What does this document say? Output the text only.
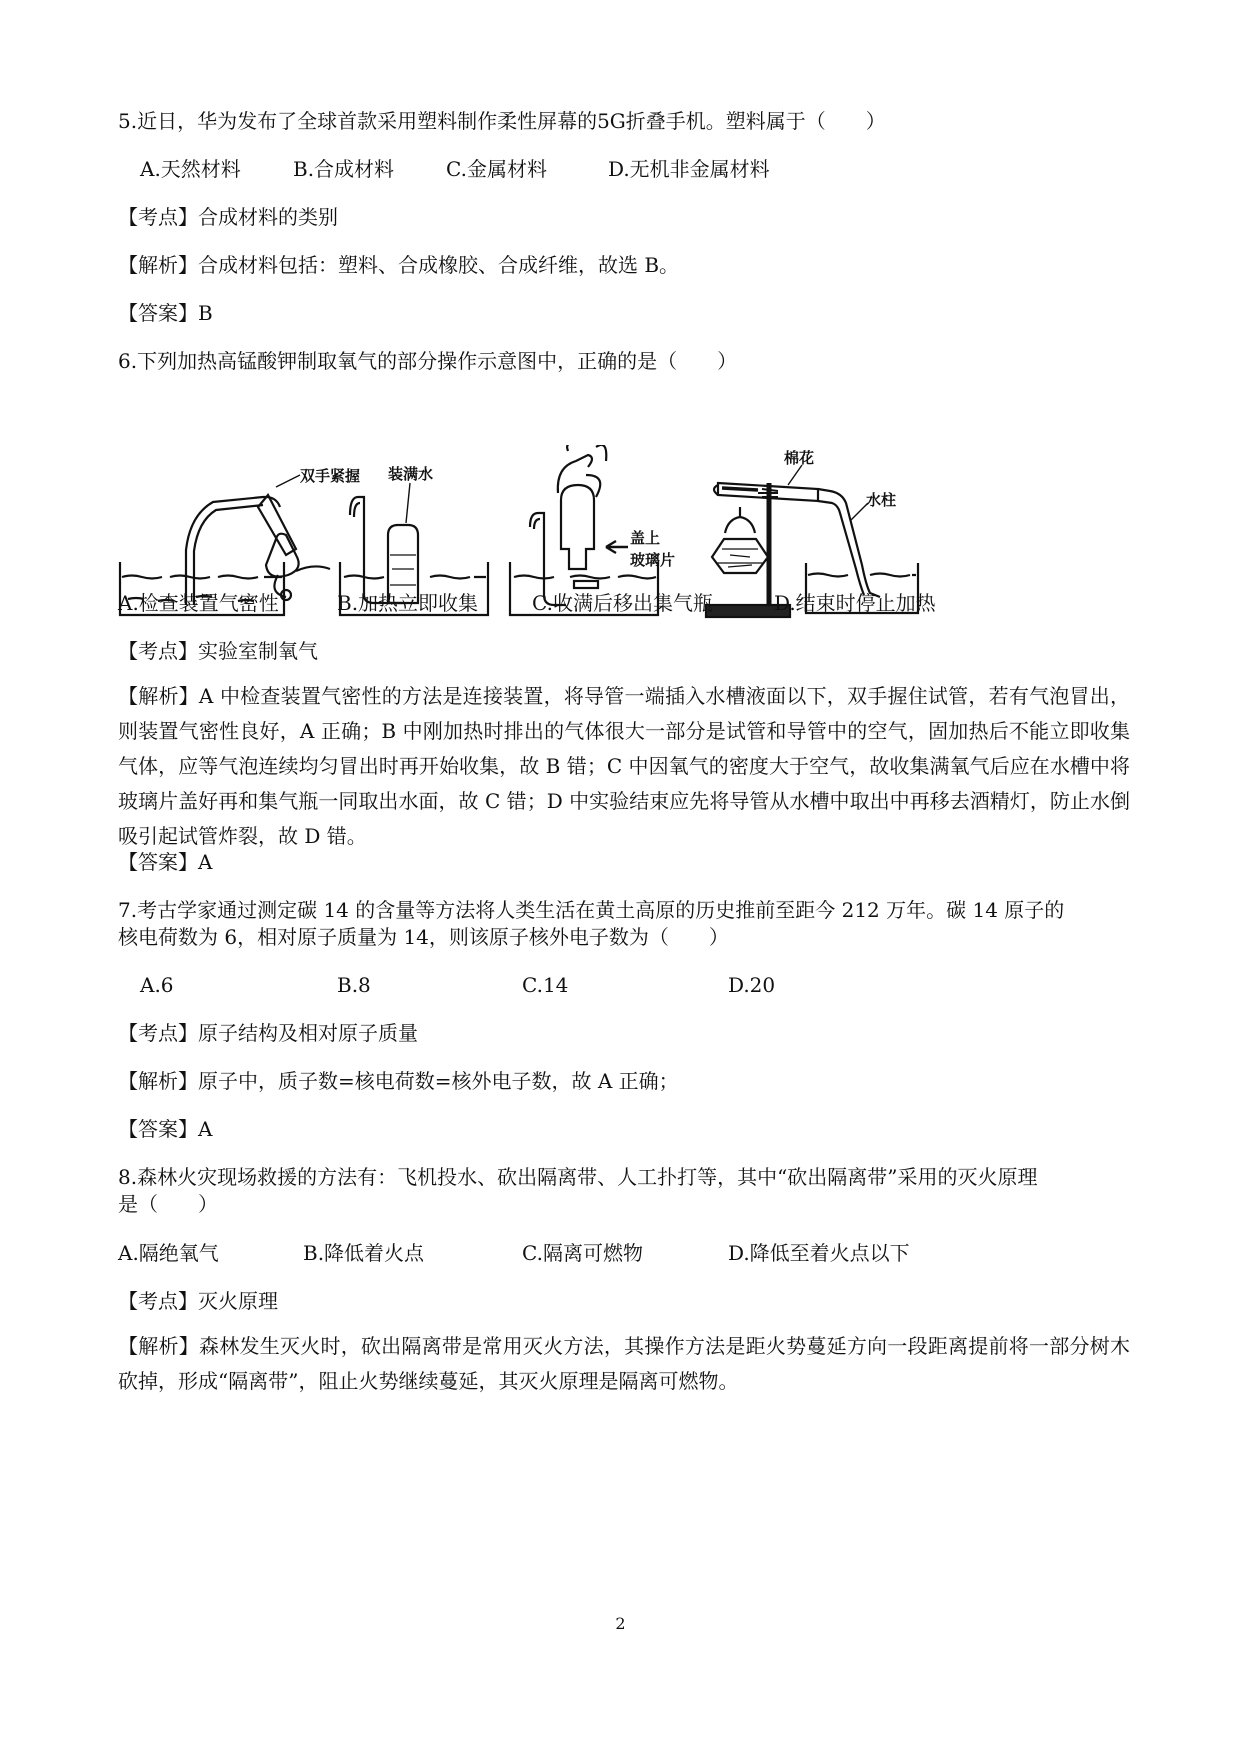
5.近日，华为发布了全球首款采用塑料制作柔性屏幕的5G折叠手机。塑料属于（　　）
A.天然材料	B.合成材料	C.金属材料	D.无机非金属材料
【考点】合成材料的类别
【解析】合成材料包括：塑料、合成橡胶、合成纤维，故选 B。
【答案】B
6.下列加热高锰酸钾制取氧气的部分操作示意图中，正确的是（　　）
双手紧握 装满水
盖上
玻璃片
棉花
水柱
A.检查装置气密性	B.加热立即收集	C.收满后移出集气瓶	D.结束时停止加热
【考点】实验室制氧气
【解析】A 中检查装置气密性的方法是连接装置，将导管一端插入水槽液面以下，双手握住试管，若有气泡冒出，则装置气密性良好，A 正确；B 中刚加热时排出的气体很大一部分是试管和导管中的空气，固加热后不能立即收集气体，应等气泡连续均匀冒出时再开始收集，故 B 错；C 中因氧气的密度大于空气，故收集满氧气后应在水槽中将玻璃片盖好再和集气瓶一同取出水面，故 C 错；D 中实验结束应先将导管从水槽中取出中再移去酒精灯，防止水倒吸引起试管炸裂，故 D 错。
【答案】A
7.考古学家通过测定碳 14 的含量等方法将人类生活在黄土高原的历史推前至距今 212 万年。碳 14 原子的
核电荷数为 6，相对原子质量为 14，则该原子核外电子数为（　　）
A.6	B.8	C.14	D.20
【考点】原子结构及相对原子质量
【解析】原子中，质子数=核电荷数=核外电子数，故 A 正确；
【答案】A
8.森林火灾现场救援的方法有：飞机投水、砍出隔离带、人工扑打等，其中“砍出隔离带”采用的灭火原理
是（　　）
A.隔绝氧气	B.降低着火点	C.隔离可燃物	D.降低至着火点以下
【考点】灭火原理
【解析】森林发生灭火时，砍出隔离带是常用灭火方法，其操作方法是距火势蔓延方向一段距离提前将一部分树木砍掉，形成“隔离带”，阻止火势继续蔓延，其灭火原理是隔离可燃物。
2
